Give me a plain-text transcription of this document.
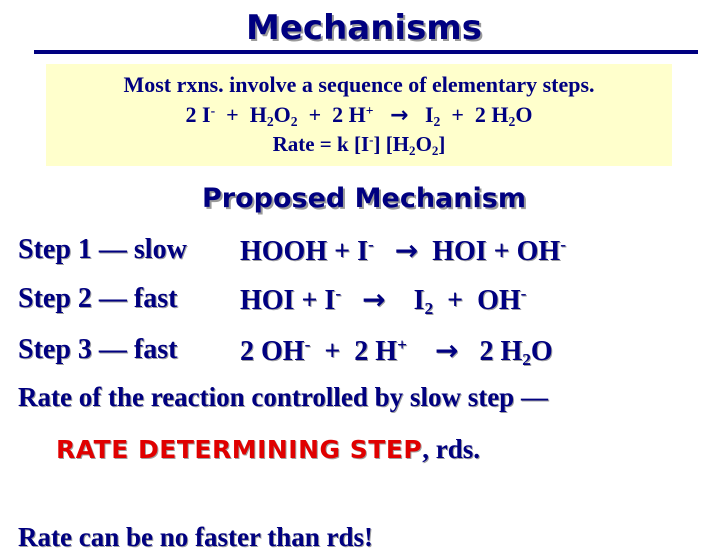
Mechanisms
Most rxns. involve a sequence of elementary steps.
2 $I^- + H_2O_2 + 2$ $H^+ \to I_2 + 2$ $H_2O$
Rate = k [I-] $[H_2O_2]$
Proposed Mechanism
Step 1 — slow HOOH + I- → HOI + OH-
Step 2 — fast HOI + $I^- \to I_2 + OH^-$
Step 3 — fast 2 OH-  +  2 H+ → 2 $H_2O$
Rate of the reaction controlled by slow step —
RATE DETERMINING STEP, rds.
Rate can be no faster than rds!
